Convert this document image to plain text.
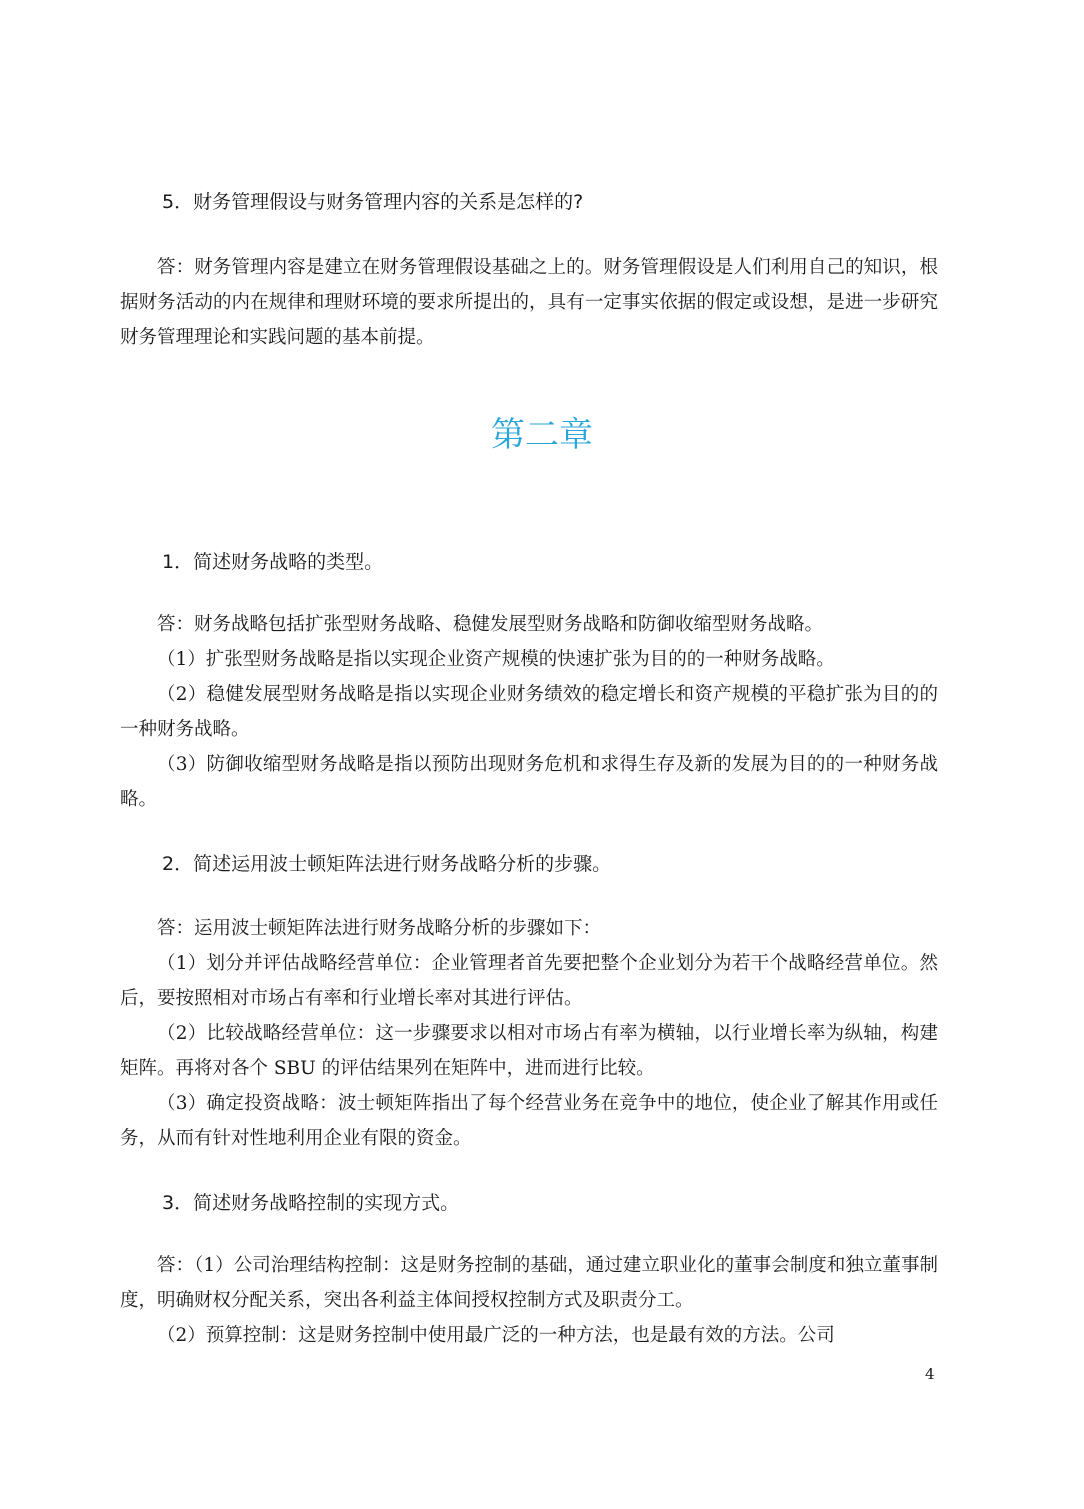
5．财务管理假设与财务管理内容的关系是怎样的?

答：财务管理内容是建立在财务管理假设基础之上的。财务管理假设是人们利用自己的知识，根据财务活动的内在规律和理财环境的要求所提出的，具有一定事实依据的假定或设想，是进一步研究财务管理理论和实践问题的基本前提。

第二章
1．简述财务战略的类型。

答：财务战略包括扩张型财务战略、稳健发展型财务战略和防御收缩型财务战略。

（1）扩张型财务战略是指以实现企业资产规模的快速扩张为目的的一种财务战略。

（2）稳健发展型财务战略是指以实现企业财务绩效的稳定增长和资产规模的平稳扩张为目的的一种财务战略。

（3）防御收缩型财务战略是指以预防出现财务危机和求得生存及新的发展为目的的一种财务战略。

2．简述运用波士顿矩阵法进行财务战略分析的步骤。

答：运用波士顿矩阵法进行财务战略分析的步骤如下：

（1）划分并评估战略经营单位：企业管理者首先要把整个企业划分为若干个战略经营单位。然后，要按照相对市场占有率和行业增长率对其进行评估。

（2）比较战略经营单位：这一步骤要求以相对市场占有率为横轴，以行业增长率为纵轴，构建矩阵。再将对各个 SBU 的评估结果列在矩阵中，进而进行比较。

（3）确定投资战略：波士顿矩阵指出了每个经营业务在竞争中的地位，使企业了解其作用或任务，从而有针对性地利用企业有限的资金。

3．简述财务战略控制的实现方式。

答：（1）公司治理结构控制：这是财务控制的基础，通过建立职业化的董事会制度和独立董事制度，明确财权分配关系，突出各利益主体间授权控制方式及职责分工。

（2）预算控制：这是财务控制中使用最广泛的一种方法，也是最有效的方法。公司

4
